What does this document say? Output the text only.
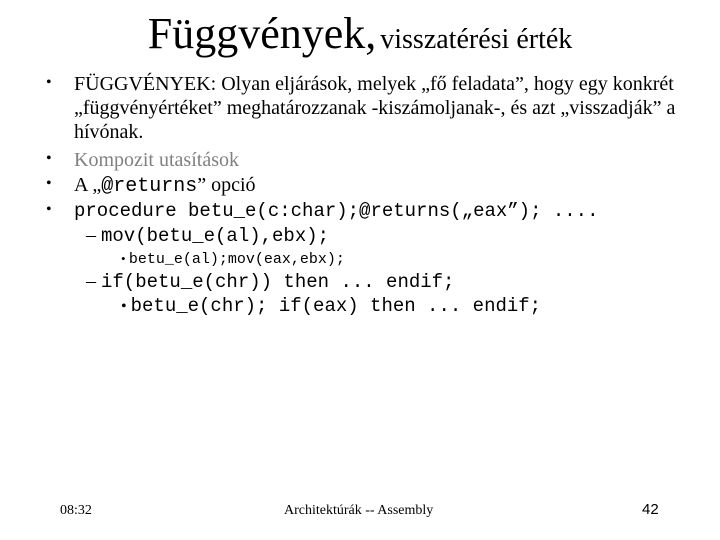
Függvények, visszatérési érték
•	FÜGGVÉNYEK: Olyan eljárások, melyek „fő feladata”, hogy egy konkrét „függvényértéket” meghatározzanak -kiszámoljanak-, és azt „visszadják” a hívónak.
•	Kompozit utasítások
•	A „@returns” opció
•	procedure betu_e(c:char);@returns(„eax”); ....
– mov(betu_e(al),ebx);
• betu_e(al);mov(eax,ebx);
– if(betu_e(chr)) then ... endif;
• betu_e(chr); if(eax) then ... endif;
08:32	Architektúrák -- Assembly	42
